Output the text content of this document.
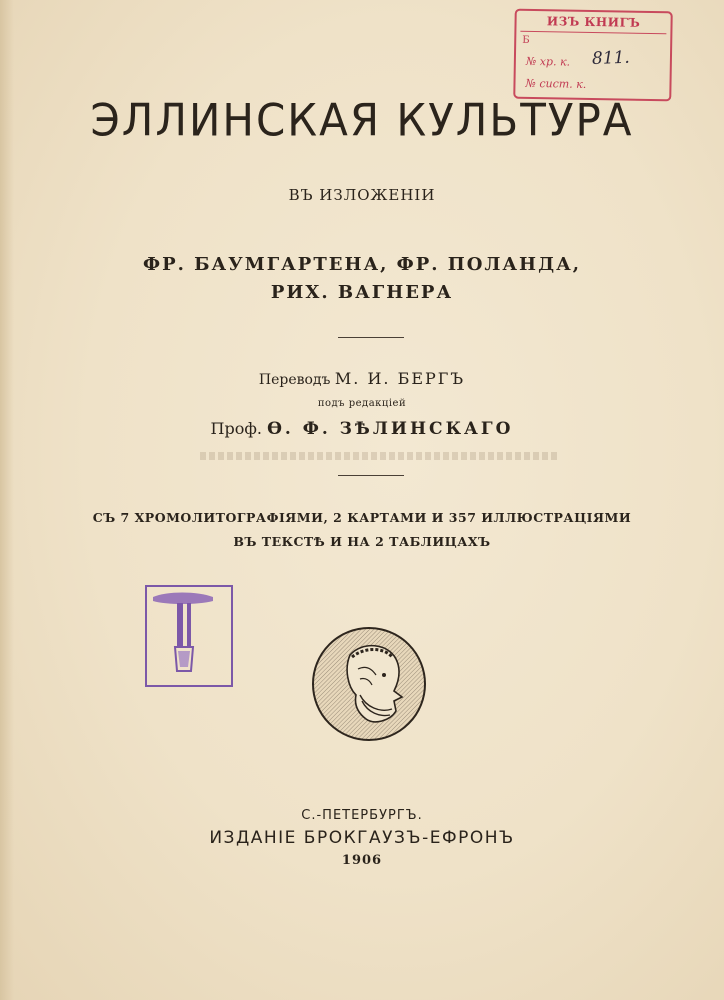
ИЗЪ КНИГЪ
Б
№ хр. к. 811.
№ сист. к.
ЭЛЛИНСКАЯ КУЛЬТУРА
ВЪ ИЗЛОЖЕНІИ
ФР. БАУМГАРТЕНА, ФР. ПОЛАНДА,
РИХ. ВАГНЕРА
Переводъ М. И. БЕРГЪ
подъ редакціей
Проф. Ѳ. Ф. ЗѢЛИНСКАГО
СЪ 7 ХРОМОЛИТОГРАФІЯМИ, 2 КАРТАМИ И 357 ИЛЛЮСТРАЦІЯМИ
ВЪ ТЕКСТѢ И НА 2 ТАБЛИЦАХЪ
С.-ПЕТЕРБУРГЪ.
ИЗДАНІЕ БРОКГАУЗЪ-ЕФРОНЪ
1906
